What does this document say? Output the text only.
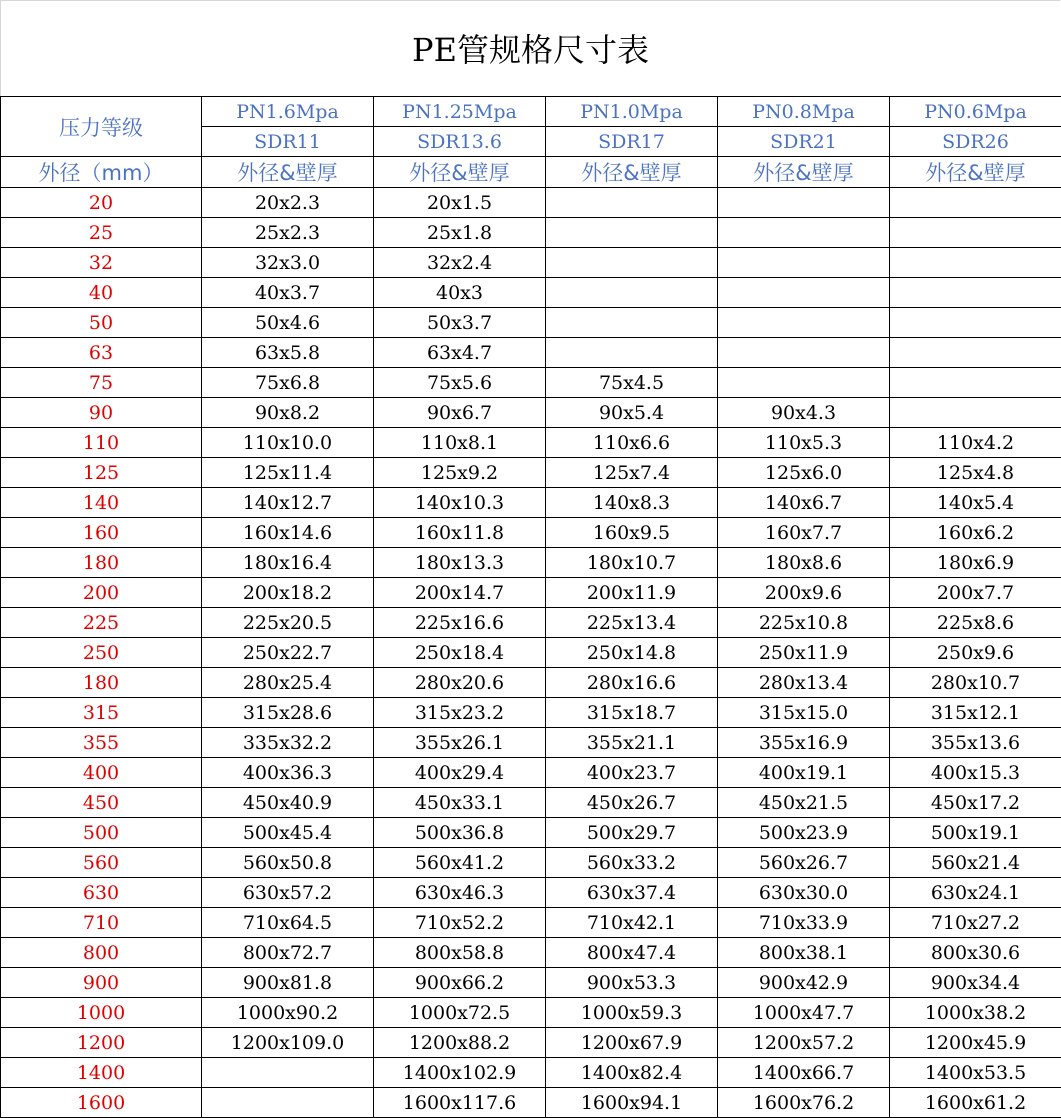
PE管规格尺寸表
压力等级	PN1.6Mpa	PN1.25Mpa	PN1.0Mpa	PN0.8Mpa	PN0.6Mpa
	SDR11	SDR13.6	SDR17	SDR21	SDR26
外径（mm）	外径&壁厚	外径&壁厚	外径&壁厚	外径&壁厚	外径&壁厚
20	20x2.3	20x1.5			
25	25x2.3	25x1.8			
32	32x3.0	32x2.4			
40	40x3.7	40x3			
50	50x4.6	50x3.7			
63	63x5.8	63x4.7			
75	75x6.8	75x5.6	75x4.5		
90	90x8.2	90x6.7	90x5.4	90x4.3	
110	110x10.0	110x8.1	110x6.6	110x5.3	110x4.2
125	125x11.4	125x9.2	125x7.4	125x6.0	125x4.8
140	140x12.7	140x10.3	140x8.3	140x6.7	140x5.4
160	160x14.6	160x11.8	160x9.5	160x7.7	160x6.2
180	180x16.4	180x13.3	180x10.7	180x8.6	180x6.9
200	200x18.2	200x14.7	200x11.9	200x9.6	200x7.7
225	225x20.5	225x16.6	225x13.4	225x10.8	225x8.6
250	250x22.7	250x18.4	250x14.8	250x11.9	250x9.6
180	280x25.4	280x20.6	280x16.6	280x13.4	280x10.7
315	315x28.6	315x23.2	315x18.7	315x15.0	315x12.1
355	335x32.2	355x26.1	355x21.1	355x16.9	355x13.6
400	400x36.3	400x29.4	400x23.7	400x19.1	400x15.3
450	450x40.9	450x33.1	450x26.7	450x21.5	450x17.2
500	500x45.4	500x36.8	500x29.7	500x23.9	500x19.1
560	560x50.8	560x41.2	560x33.2	560x26.7	560x21.4
630	630x57.2	630x46.3	630x37.4	630x30.0	630x24.1
710	710x64.5	710x52.2	710x42.1	710x33.9	710x27.2
800	800x72.7	800x58.8	800x47.4	800x38.1	800x30.6
900	900x81.8	900x66.2	900x53.3	900x42.9	900x34.4
1000	1000x90.2	1000x72.5	1000x59.3	1000x47.7	1000x38.2
1200	1200x109.0	1200x88.2	1200x67.9	1200x57.2	1200x45.9
1400		1400x102.9	1400x82.4	1400x66.7	1400x53.5
1600		1600x117.6	1600x94.1	1600x76.2	1600x61.2
